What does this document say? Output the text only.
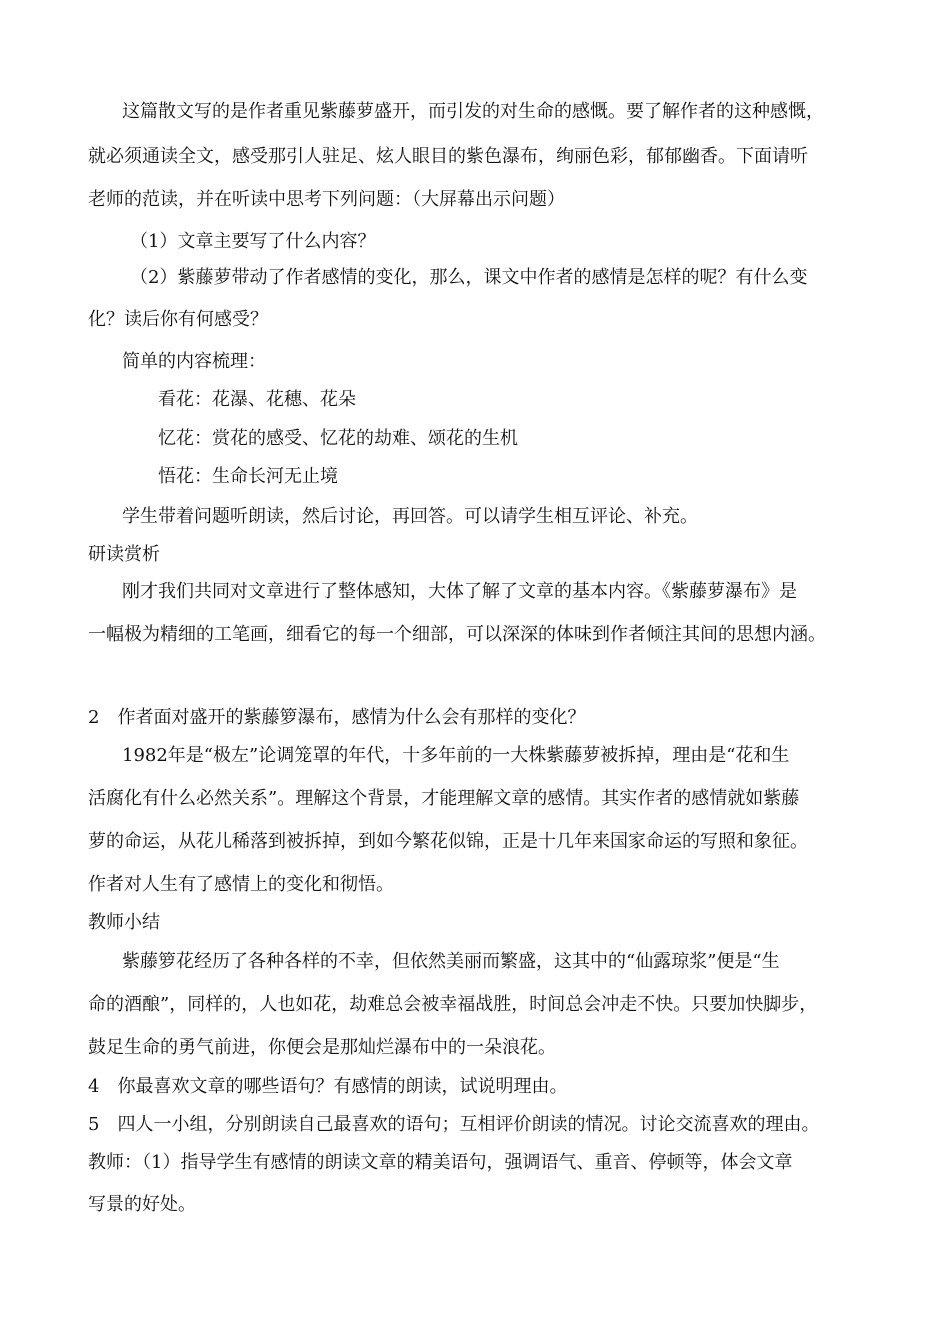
这篇散文写的是作者重见紫藤萝盛开，而引发的对生命的感慨。要了解作者的这种感慨，
就必须通读全文，感受那引人驻足、炫人眼目的紫色瀑布，绚丽色彩，郁郁幽香。下面请听
老师的范读，并在听读中思考下列问题：（大屏幕出示问题）
（1）文章主要写了什么内容？
（2）紫藤萝带动了作者感情的变化，那么，课文中作者的感情是怎样的呢？有什么变
化？读后你有何感受？
简单的内容梳理：
看花：花瀑、花穗、花朵
忆花：赏花的感受、忆花的劫难、颂花的生机
悟花：生命长河无止境
学生带着问题听朗读，然后讨论，再回答。可以请学生相互评论、补充。
研读赏析
刚才我们共同对文章进行了整体感知，大体了解了文章的基本内容。《紫藤萝瀑布》是
一幅极为精细的工笔画，细看它的每一个细部，可以深深的体味到作者倾注其间的思想内涵。
2　作者面对盛开的紫藤箩瀑布，感情为什么会有那样的变化？
1982年是“极左”论调笼罩的年代，十多年前的一大株紫藤萝被拆掉，理由是“花和生
活腐化有什么必然关系”。理解这个背景，才能理解文章的感情。其实作者的感情就如紫藤
萝的命运，从花儿稀落到被拆掉，到如今繁花似锦，正是十几年来国家命运的写照和象征。
作者对人生有了感情上的变化和彻悟。
教师小结
紫藤箩花经历了各种各样的不幸，但依然美丽而繁盛，这其中的“仙露琼浆”便是“生
命的酒酿”，同样的，人也如花，劫难总会被幸福战胜，时间总会冲走不快。只要加快脚步，
鼓足生命的勇气前进，你便会是那灿烂瀑布中的一朵浪花。
4　你最喜欢文章的哪些语句？有感情的朗读，试说明理由。
5　四人一小组，分别朗读自己最喜欢的语句；互相评价朗读的情况。讨论交流喜欢的理由。
教师：（1）指导学生有感情的朗读文章的精美语句，强调语气、重音、停顿等，体会文章
写景的好处。
